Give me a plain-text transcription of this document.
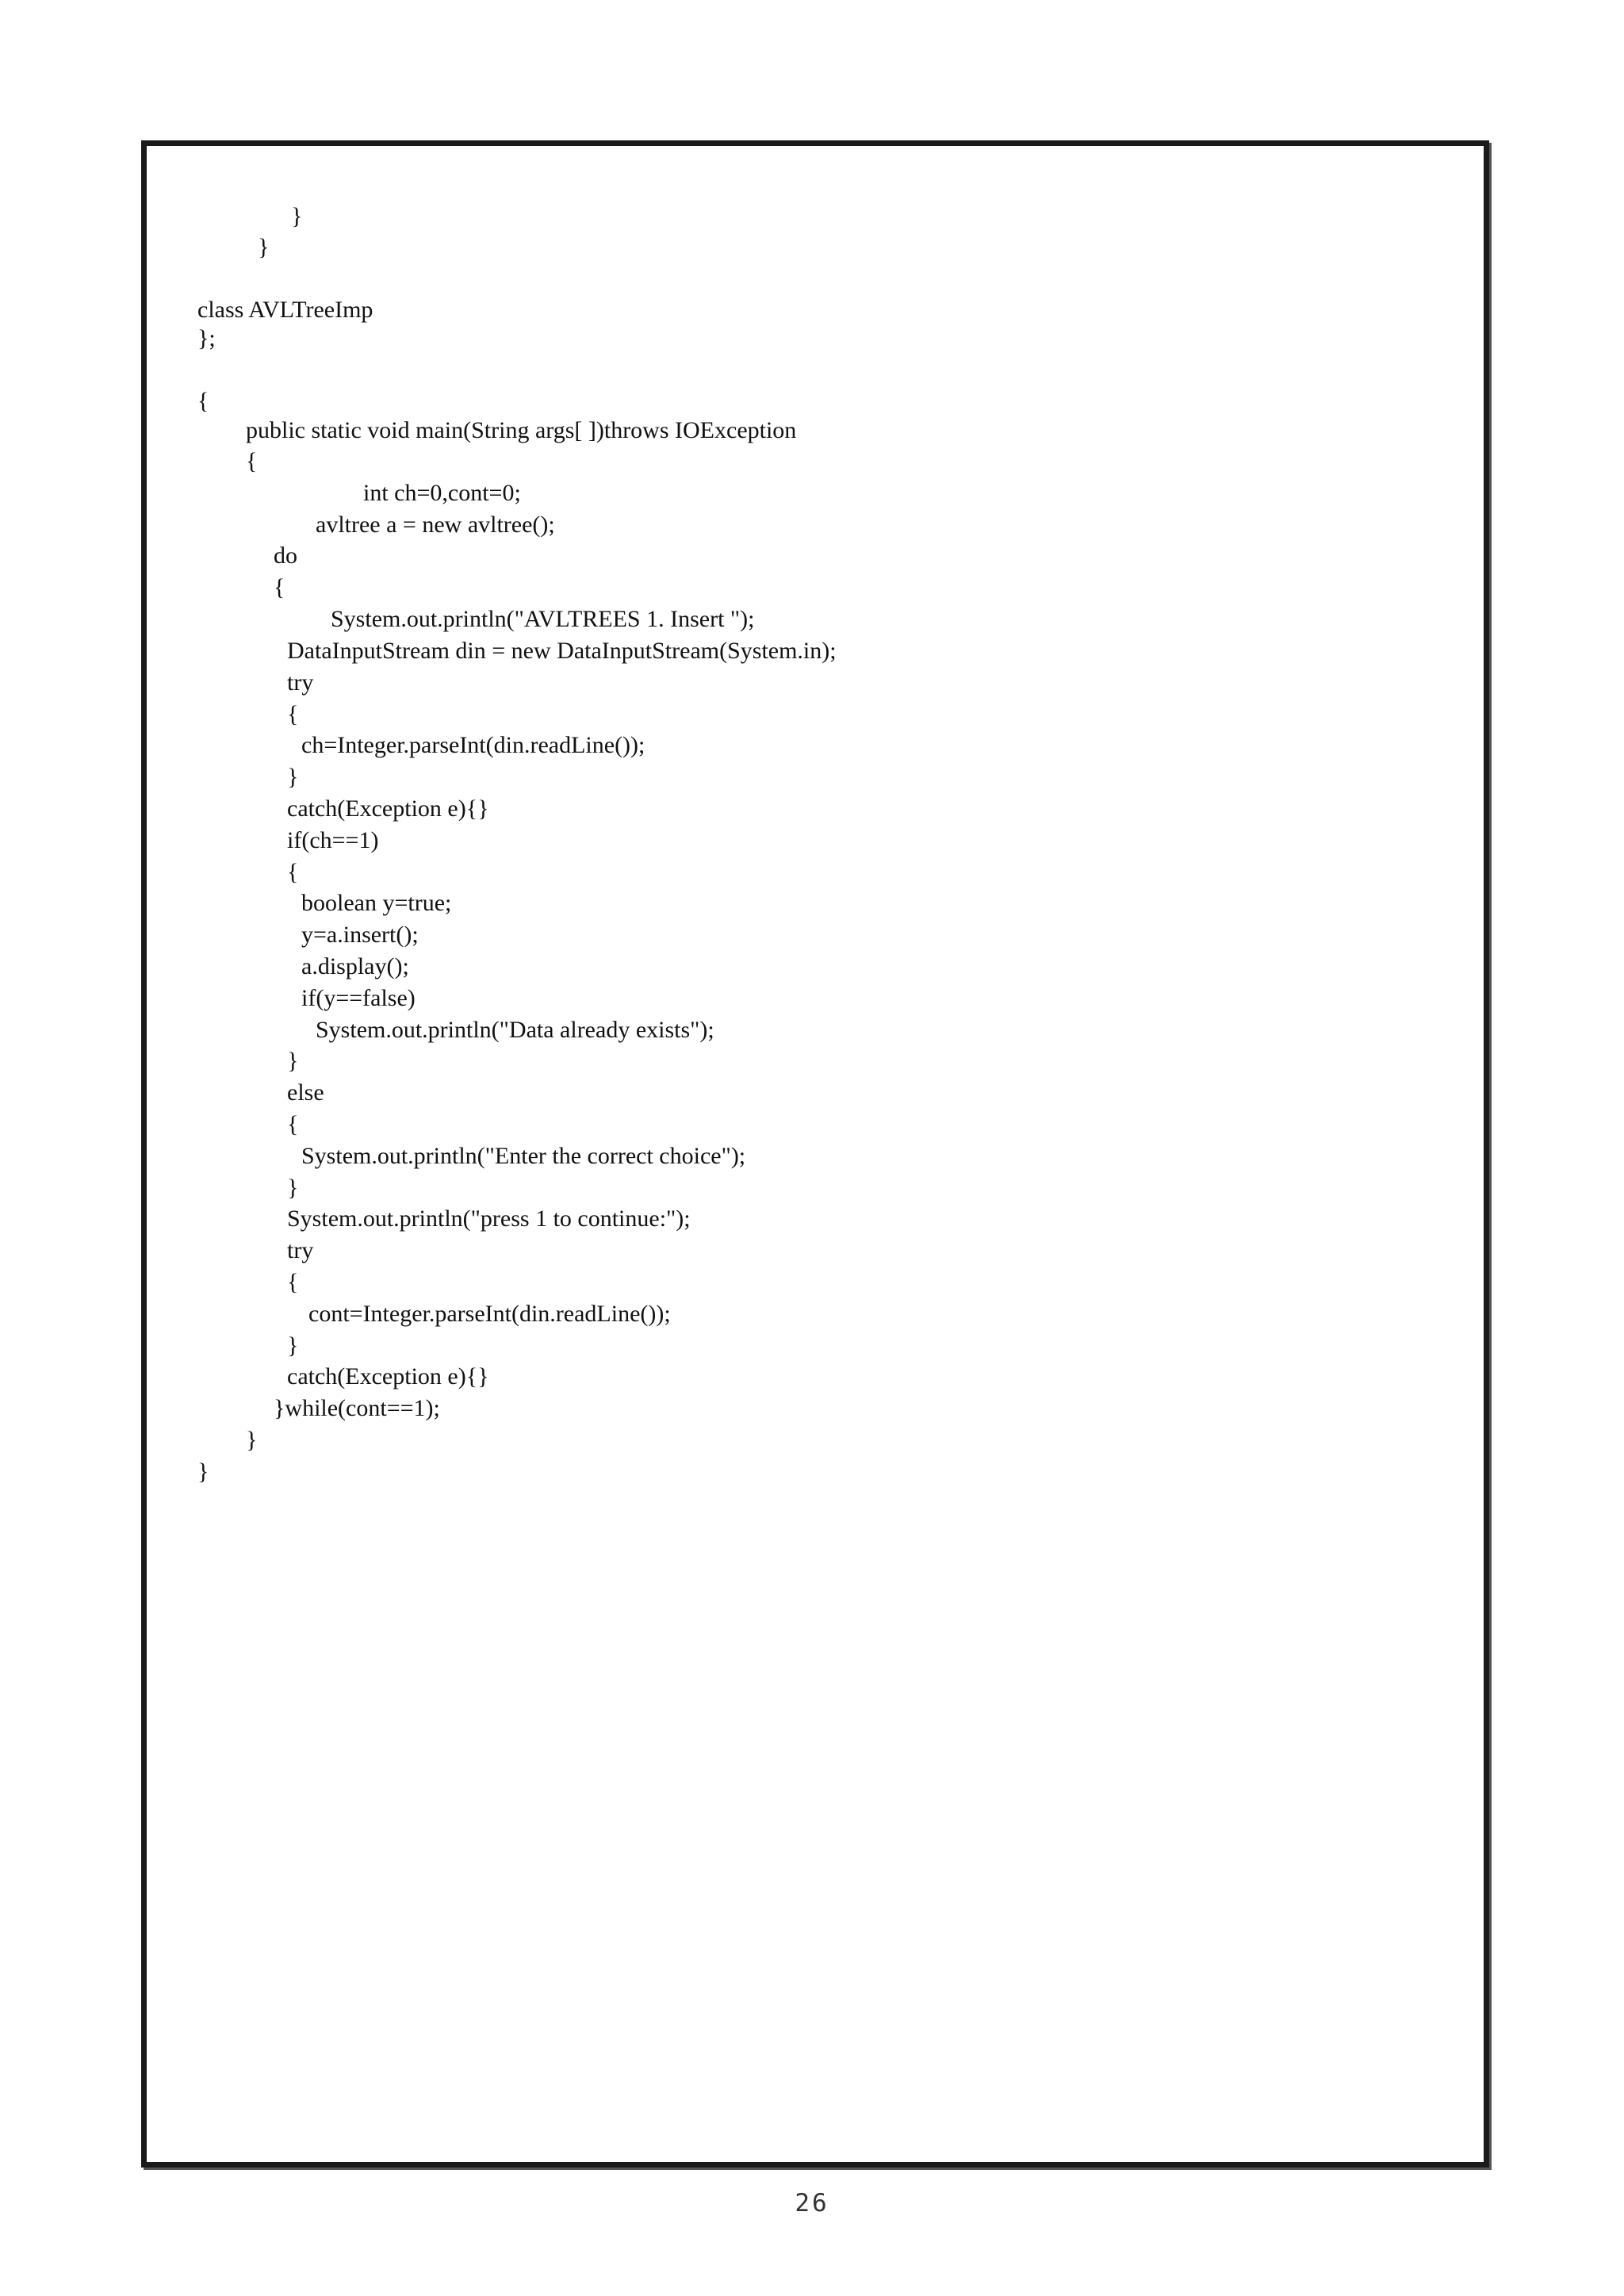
}
}
class AVLTreeImp
};
{
public static void main(String args[ ])throws IOException
{
int ch=0,cont=0;
avltree a = new avltree();
do
{
System.out.println("AVLTREES 1. Insert ");
DataInputStream din = new DataInputStream(System.in);
try
{
ch=Integer.parseInt(din.readLine());
}
catch(Exception e){}
if(ch==1)
{
boolean y=true;
y=a.insert();
a.display();
if(y==false)
System.out.println("Data already exists");
}
else
{
System.out.println("Enter the correct choice");
}
System.out.println("press 1 to continue:");
try
{
cont=Integer.parseInt(din.readLine());
}
catch(Exception e){}
}while(cont==1);
}
}
26
